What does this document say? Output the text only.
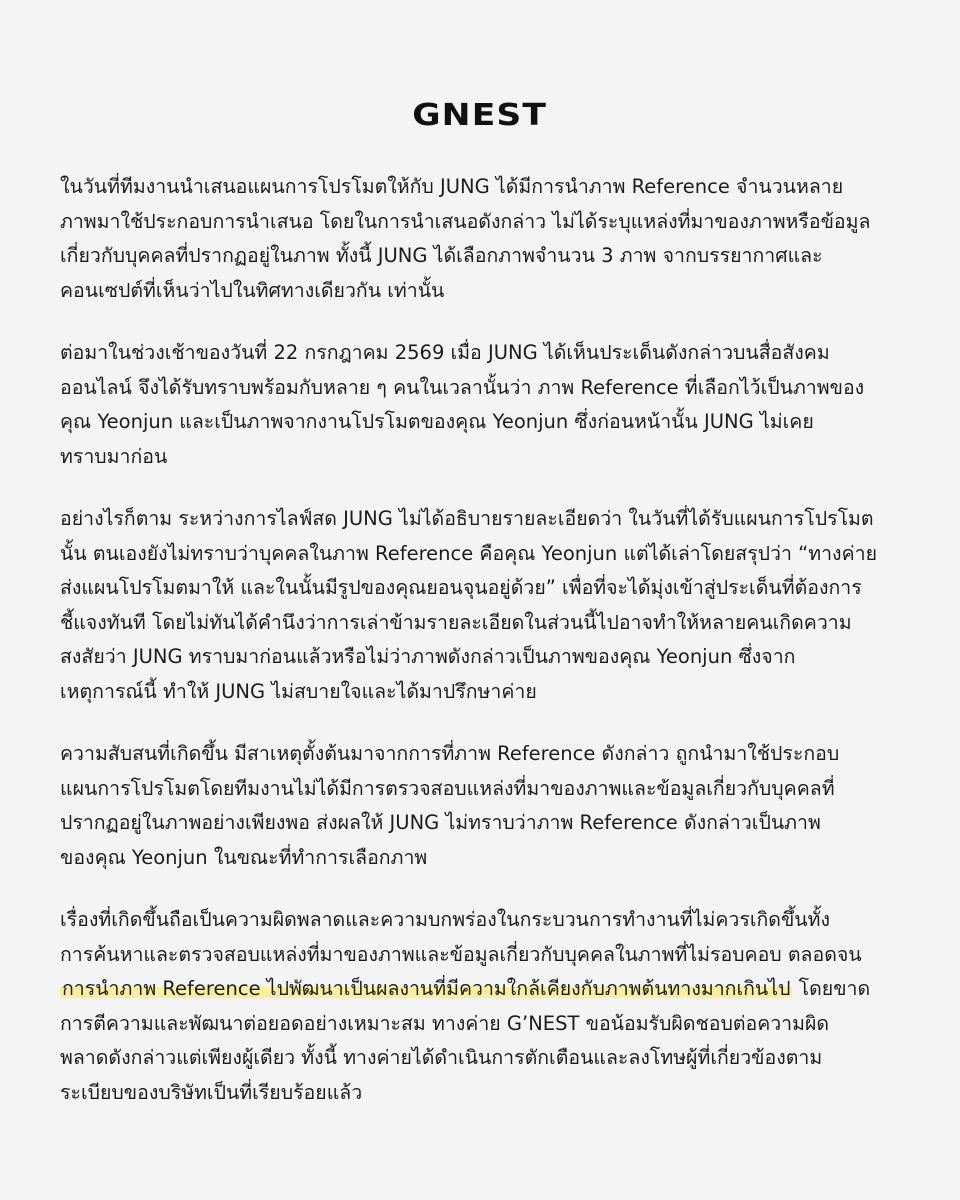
GNEST
ในวันที่ทีมงานนำเสนอแผนการโปรโมตให้กับ JUNG ได้มีการนำภาพ Reference จำนวนหลาย
ภาพมาใช้ประกอบการนำเสนอ โดยในการนำเสนอดังกล่าว ไม่ได้ระบุแหล่งที่มาของภาพหรือข้อมูล
เกี่ยวกับบุคคลที่ปรากฏอยู่ในภาพ ทั้งนี้ JUNG ได้เลือกภาพจำนวน 3 ภาพ จากบรรยากาศและ
คอนเซปต์ที่เห็นว่าไปในทิศทางเดียวกัน เท่านั้น
ต่อมาในช่วงเช้าของวันที่ 22 กรกฎาคม 2569 เมื่อ JUNG ได้เห็นประเด็นดังกล่าวบนสื่อสังคม
ออนไลน์ จึงได้รับทราบพร้อมกับหลาย ๆ คนในเวลานั้นว่า ภาพ Reference ที่เลือกไว้เป็นภาพของ
คุณ Yeonjun และเป็นภาพจากงานโปรโมตของคุณ Yeonjun ซึ่งก่อนหน้านั้น JUNG ไม่เคย
ทราบมาก่อน
อย่างไรก็ตาม ระหว่างการไลฟ์สด JUNG ไม่ได้อธิบายรายละเอียดว่า ในวันที่ได้รับแผนการโปรโมต
นั้น ตนเองยังไม่ทราบว่าบุคคลในภาพ Reference คือคุณ Yeonjun แต่ได้เล่าโดยสรุปว่า “ทางค่าย
ส่งแผนโปรโมตมาให้ และในนั้นมีรูปของคุณยอนจุนอยู่ด้วย” เพื่อที่จะได้มุ่งเข้าสู่ประเด็นที่ต้องการ
ชี้แจงทันที โดยไม่ทันได้คำนึงว่าการเล่าข้ามรายละเอียดในส่วนนี้ไปอาจทำให้หลายคนเกิดความ
สงสัยว่า JUNG ทราบมาก่อนแล้วหรือไม่ว่าภาพดังกล่าวเป็นภาพของคุณ Yeonjun ซึ่งจาก
เหตุการณ์นี้ ทำให้ JUNG ไม่สบายใจและได้มาปรึกษาค่าย
ความสับสนที่เกิดขึ้น มีสาเหตุตั้งต้นมาจากการที่ภาพ Reference ดังกล่าว ถูกนำมาใช้ประกอบ
แผนการโปรโมตโดยทีมงานไม่ได้มีการตรวจสอบแหล่งที่มาของภาพและข้อมูลเกี่ยวกับบุคคลที่
ปรากฏอยู่ในภาพอย่างเพียงพอ ส่งผลให้ JUNG ไม่ทราบว่าภาพ Reference ดังกล่าวเป็นภาพ
ของคุณ Yeonjun ในขณะที่ทำการเลือกภาพ
เรื่องที่เกิดขึ้นถือเป็นความผิดพลาดและความบกพร่องในกระบวนการทำงานที่ไม่ควรเกิดขึ้นทั้ง
การค้นหาและตรวจสอบแหล่งที่มาของภาพและข้อมูลเกี่ยวกับบุคคลในภาพที่ไม่รอบคอบ ตลอดจน
การนำภาพ Reference ไปพัฒนาเป็นผลงานที่มีความใกล้เคียงกับภาพต้นทางมากเกินไป โดยขาด
การตีความและพัฒนาต่อยอดอย่างเหมาะสม ทางค่าย G’NEST ขอน้อมรับผิดชอบต่อความผิด
พลาดดังกล่าวแต่เพียงผู้เดียว ทั้งนี้ ทางค่ายได้ดำเนินการตักเตือนและลงโทษผู้ที่เกี่ยวข้องตาม
ระเบียบของบริษัทเป็นที่เรียบร้อยแล้ว
